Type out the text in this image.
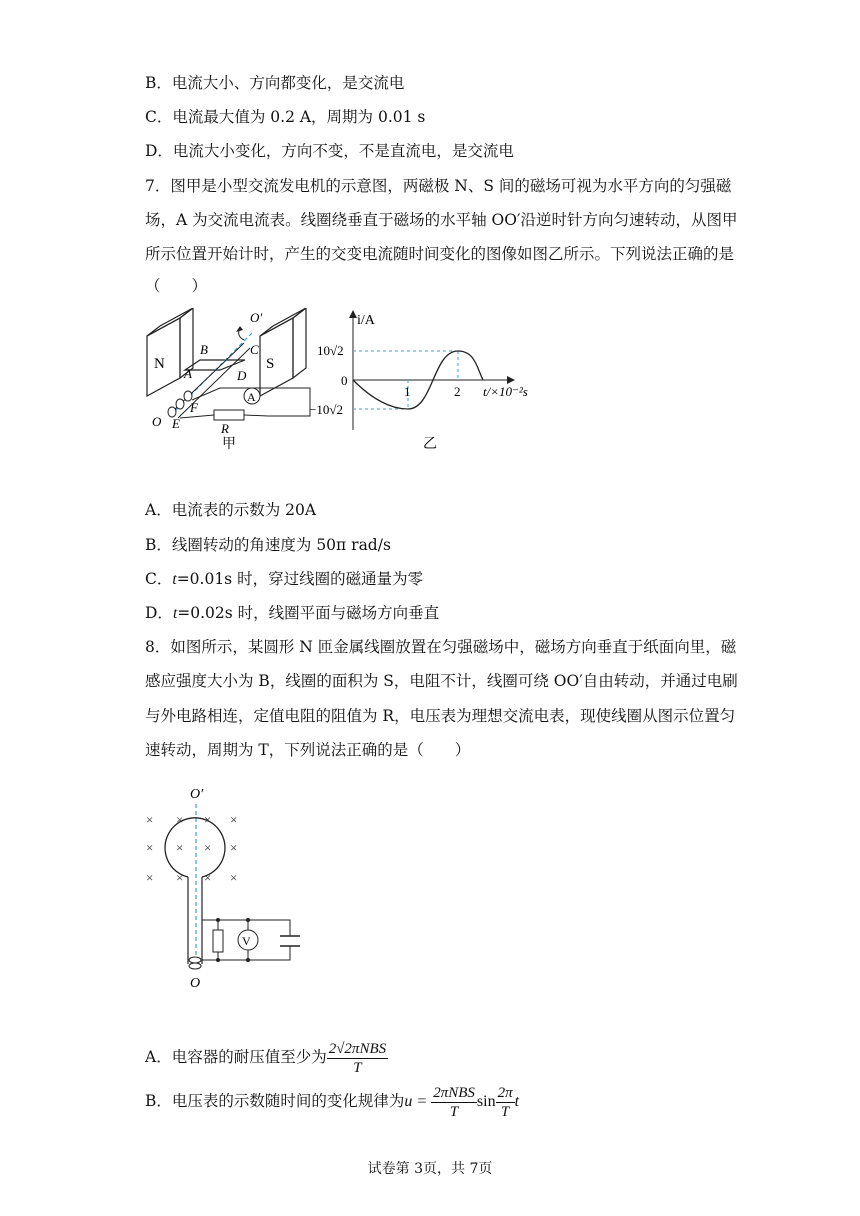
B．电流大小、方向都变化，是交流电
C．电流最大值为 0.2 A，周期为 0.01 s
D．电流大小变化，方向不变，不是直流电，是交流电
7．图甲是小型交流发电机的示意图，两磁极 N、S 间的磁场可视为水平方向的匀强磁
场，A 为交流电流表。线圈绕垂直于磁场的水平轴 OO′沿逆时针方向匀速转动，从图甲
所示位置开始计时，产生的交变电流随时间变化的图像如图乙所示。下列说法正确的是
（　　）
N	S
A
R
O′
B	C
A	D
F
O E
甲
i/A
10√2
0
−10√2
1	2 t/×10⁻²s
乙
A．电流表的示数为 20A
B．线圈转动的角速度为 50π rad/s
C．t=0.01s 时，穿过线圈的磁通量为零
D．t=0.02s 时，线圈平面与磁场方向垂直
8．如图所示，某圆形 N 匝金属线圈放置在匀强磁场中，磁场方向垂直于纸面向里，磁
感应强度大小为 B，线圈的面积为 S，电阻不计，线圈可绕 OO′自由转动，并通过电刷
与外电路相连，定值电阻的阻值为 R，电压表为理想交流电表，现使线圈从图示位置匀
速转动，周期为 T，下列说法正确的是（　　）
O′
O
× × × ×
× × × ×
× × × ×
V
A．电容器的耐压值至少为 $\frac{\text{2√2πNBS}}{T}$
B．电压表的示数随时间的变化规律为$u = \frac{\text{2πNBS}}{T}$ $\sin \frac{2\pi}{T}$ t
试卷第 3页，共 7页
